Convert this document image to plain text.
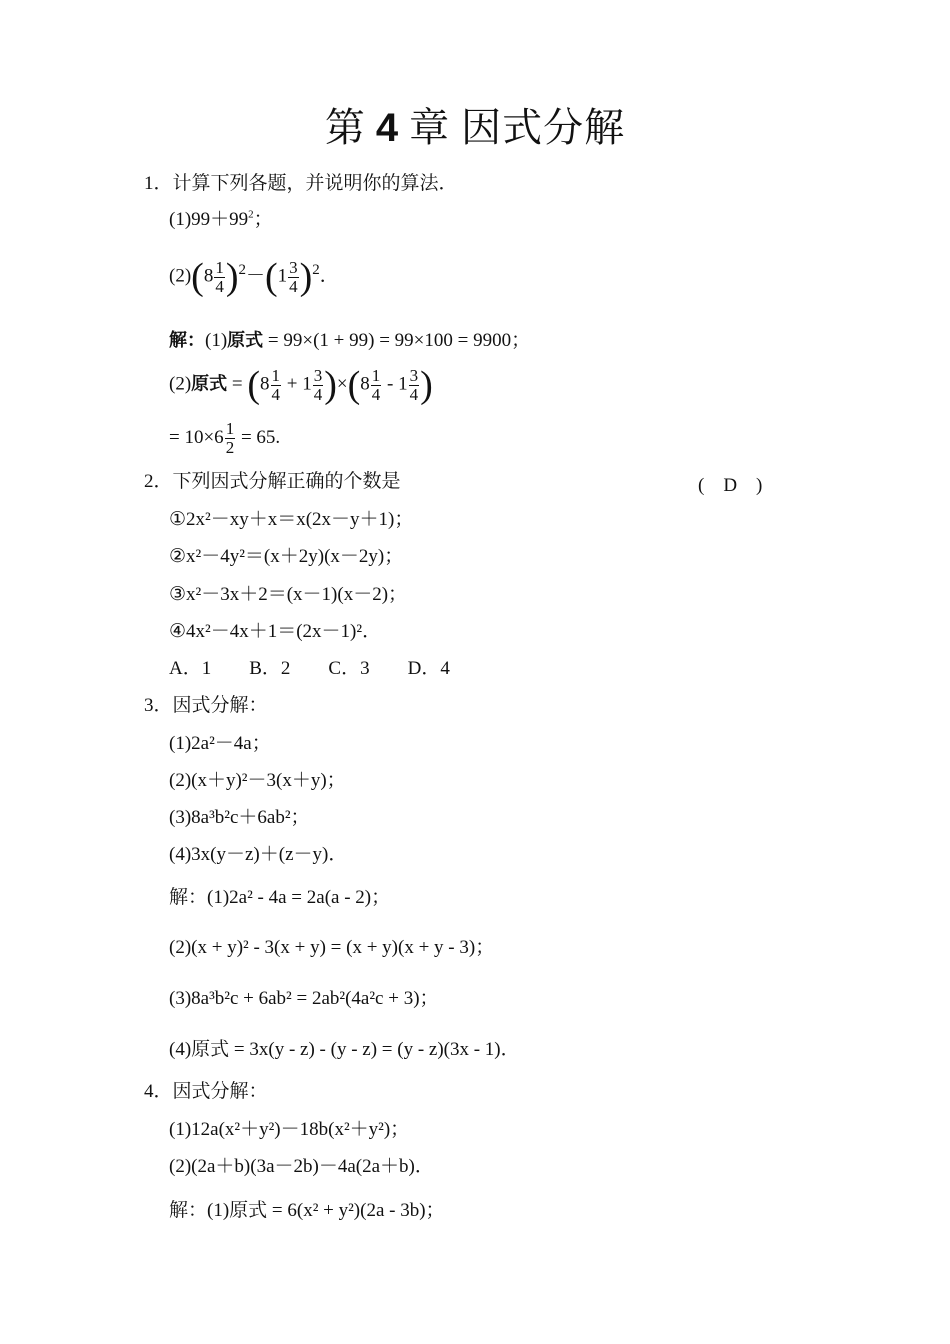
第 4 章 因式分解
1．计算下列各题，并说明你的算法．
$(1)99+99^2$；
$(2)(8 \frac{1}{4} )^2-(1 \frac{3}{4} )^2$．
解：(1)原式 = 99×(1 + 99) = 99×100 = 9900；
(2)原式 = $(8 \frac{1}{4} + 1 \frac{3}{4} )\times(8 \frac{1}{4} - 1 \frac{3}{4}$ )
= $10\times 6 \frac{1}{2} = 65$.
2．下列因式分解正确的个数是	(　D　)
①2x²－xy＋x＝x(2x－y＋1)；
②x²－4y²＝(x＋2y)(x－2y)；
③x²－3x＋2＝(x－1)(x－2)；
④4x²－4x＋1＝(2x－1)²．
A．1 B．2 C．3 D．4
3．因式分解：
(1)2a²－4a；
(2)(x＋y)²－3(x＋y)；
(3)8a³b²c＋6ab²；
(4)3x(y－z)＋(z－y)．
解：(1)2a² - 4a = 2a(a - 2)；
(2)(x + y)² - 3(x + y) = (x + y)(x + y - 3)；
(3)8a³b²c + 6ab² = 2ab²(4a²c + 3)；
(4)原式 = 3x(y - z) - (y - z) = (y - z)(3x - 1)．
4．因式分解：
(1)12a(x²＋y²)－18b(x²＋y²)；
(2)(2a＋b)(3a－2b)－4a(2a＋b)．
解：(1)原式 = 6(x² + y²)(2a - 3b)；
